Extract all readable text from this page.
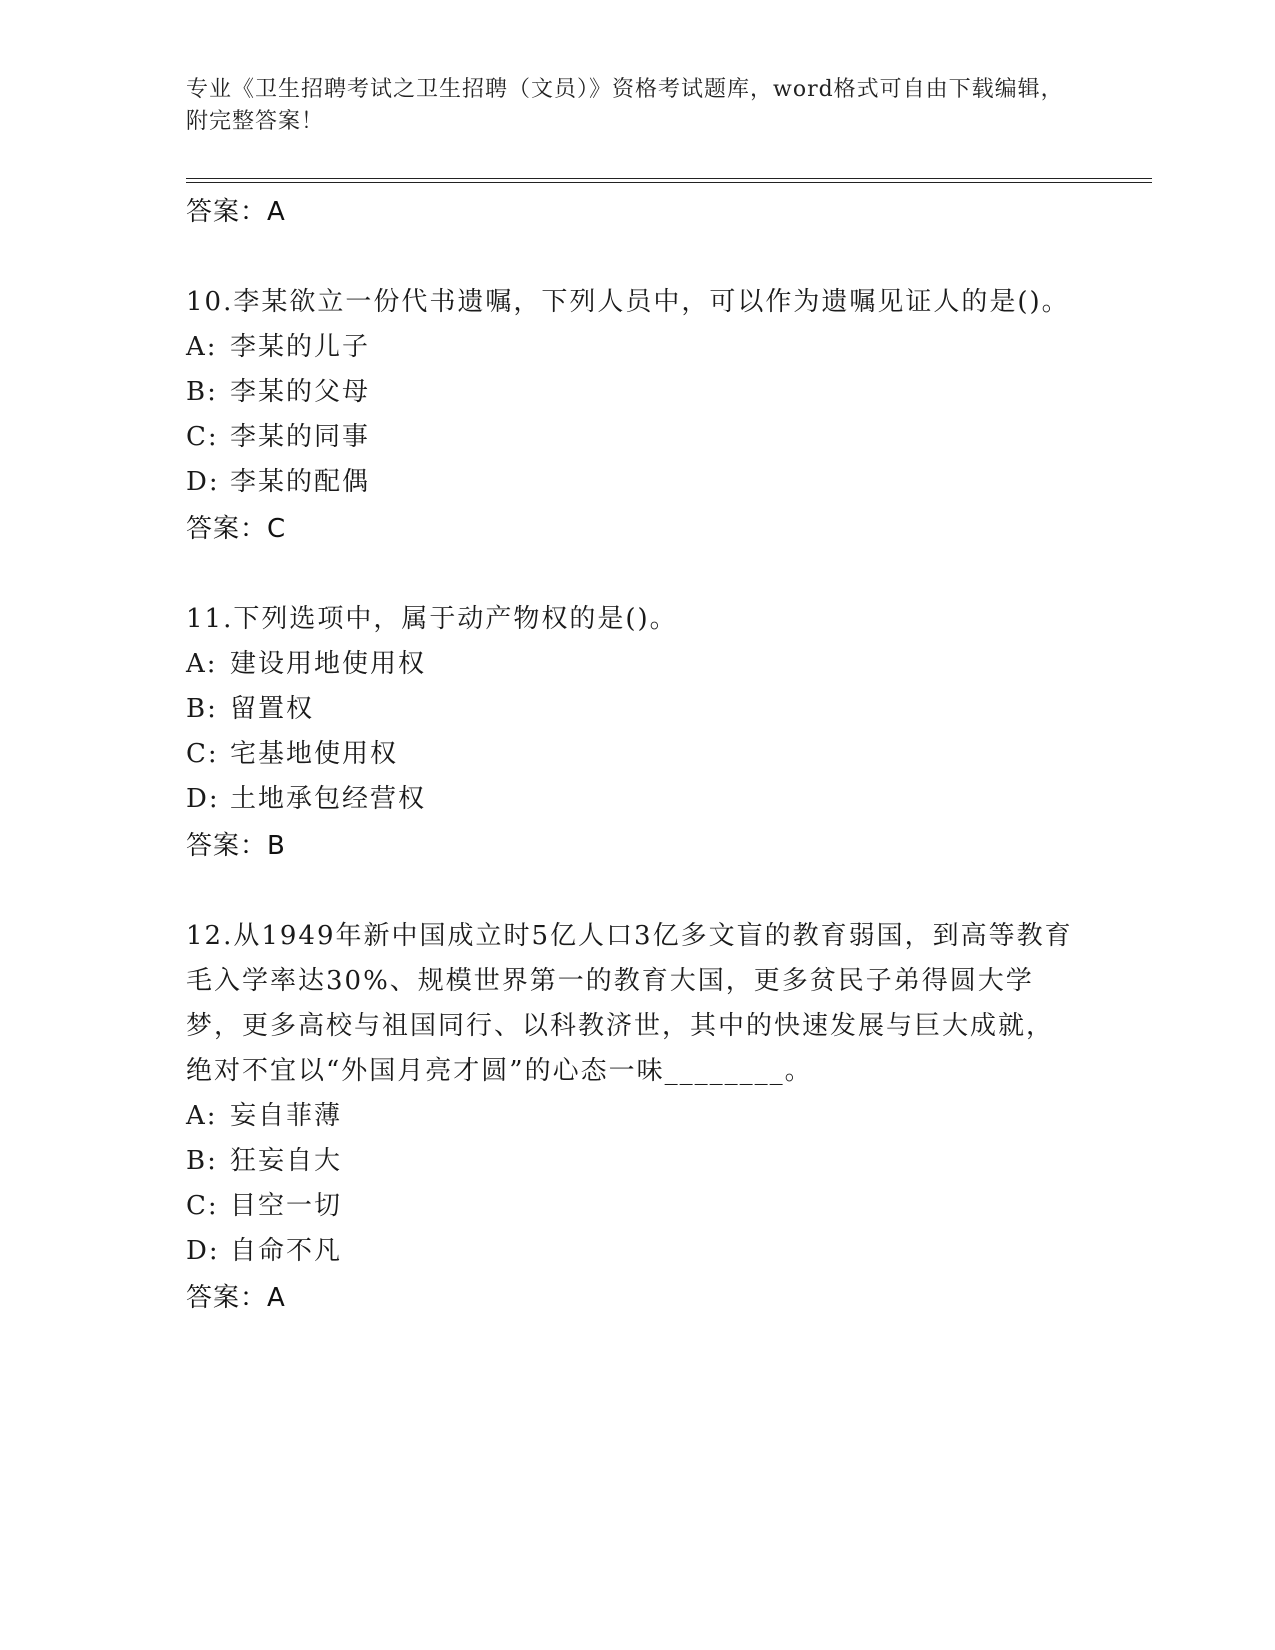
专业《卫生招聘考试之卫生招聘（文员）》资格考试题库，word格式可自由下载编辑，附完整答案！
答案：A
10.李某欲立一份代书遗嘱，下列人员中，可以作为遗嘱见证人的是()。
A: 李某的儿子
B: 李某的父母
C: 李某的同事
D: 李某的配偶
答案：C
11.下列选项中，属于动产物权的是()。
A: 建设用地使用权
B: 留置权
C: 宅基地使用权
D: 土地承包经营权
答案：B
12.从1949年新中国成立时5亿人口3亿多文盲的教育弱国，到高等教育毛入学率达30%、规模世界第一的教育大国，更多贫民子弟得圆大学梦，更多高校与祖国同行、以科教济世，其中的快速发展与巨大成就，绝对不宜以“外国月亮才圆”的心态一味________。
A: 妄自菲薄
B: 狂妄自大
C: 目空一切
D: 自命不凡
答案：A
